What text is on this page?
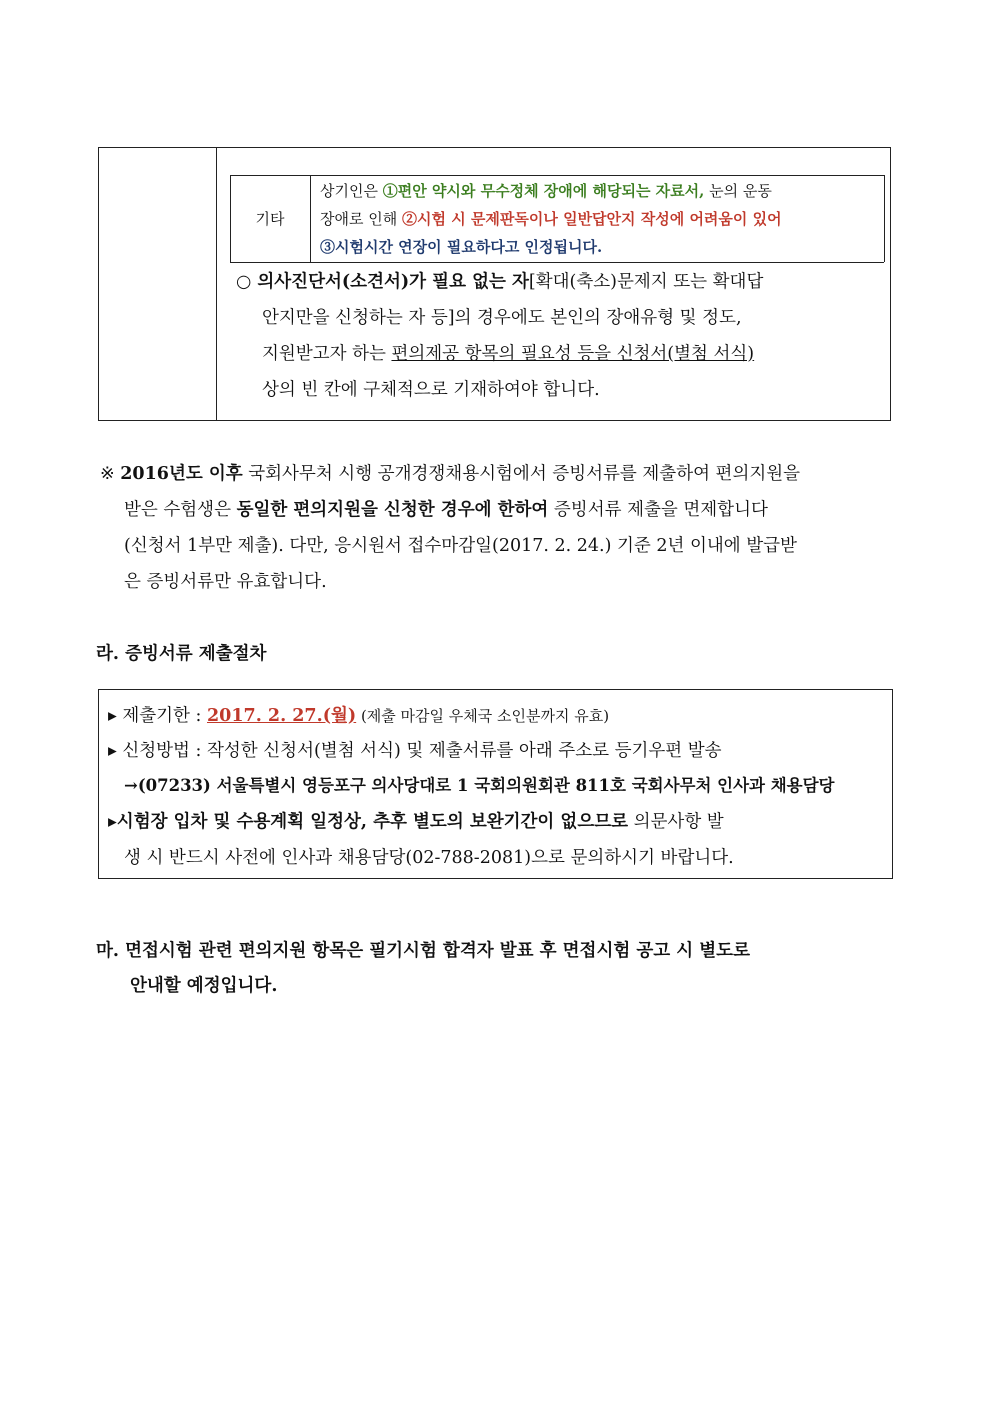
기타
상기인은 ①편안 약시와 무수정체 장애에 해당되는 자료서, 눈의 운동
장애로 인해 ②시험 시 문제판독이나 일반답안지 작성에 어려움이 있어
③시험시간 연장이 필요하다고 인정됩니다.
○ 의사진단서(소견서)가 필요 없는 자[확대(축소)문제지 또는 확대답
안지만을 신청하는 자 등]의 경우에도 본인의 장애유형 및 정도,
지원받고자 하는 편의제공 항목의 필요성 등을 신청서(별첨 서식)
상의 빈 칸에 구체적으로 기재하여야 합니다.
※ 2016년도 이후 국회사무처 시행 공개경쟁채용시험에서 증빙서류를 제출하여 편의지원을
받은 수험생은 동일한 편의지원을 신청한 경우에 한하여 증빙서류 제출을 면제합니다
(신청서 1부만 제출). 다만, 응시원서 접수마감일(2017. 2. 24.) 기준 2년 이내에 발급받
은 증빙서류만 유효합니다.
라. 증빙서류 제출절차
▸ 제출기한 : 2017. 2. 27.(월) (제출 마감일 우체국 소인분까지 유효)
▸ 신청방법 : 작성한 신청서(별첨 서식) 및 제출서류를 아래 주소로 등기우편 발송
→(07233) 서울특별시 영등포구 의사당대로 1 국회의원회관 811호 국회사무처 인사과 채용담당
▸시험장 입차 및 수용계획 일정상, 추후 별도의 보완기간이 없으므로 의문사항 발
생 시 반드시 사전에 인사과 채용담당(02-788-2081)으로 문의하시기 바랍니다.
마. 면접시험 관련 편의지원 항목은 필기시험 합격자 발표 후 면접시험 공고 시 별도로
안내할 예정입니다.
